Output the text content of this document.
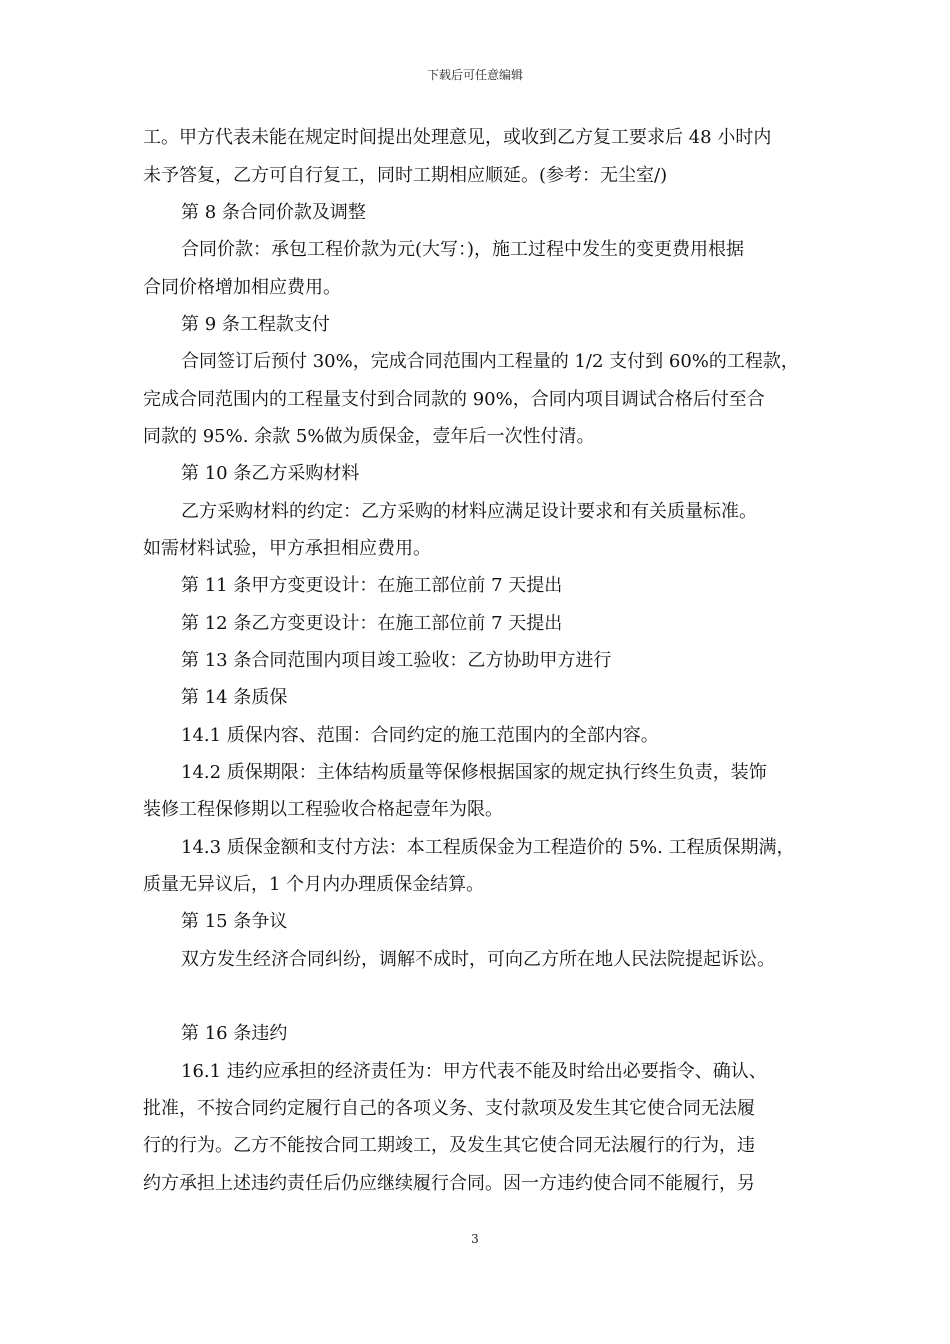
下载后可任意编辑
工。甲方代表未能在规定时间提出处理意见，或收到乙方复工要求后 48 小时内
未予答复，乙方可自行复工，同时工期相应顺延。(参考：无尘室/)
第 8 条合同价款及调整
合同价款：承包工程价款为元(大写：)，施工过程中发生的变更费用根据
合同价格增加相应费用。
第 9 条工程款支付
合同签订后预付 30%，完成合同范围内工程量的 1/2 支付到 60%的工程款，
完成合同范围内的工程量支付到合同款的 90%，合同内项目调试合格后付至合
同款的 95%. 余款 5%做为质保金，壹年后一次性付清。
第 10 条乙方采购材料
乙方采购材料的约定：乙方采购的材料应满足设计要求和有关质量标准。
如需材料试验，甲方承担相应费用。
第 11 条甲方变更设计：在施工部位前 7 天提出
第 12 条乙方变更设计：在施工部位前 7 天提出
第 13 条合同范围内项目竣工验收：乙方协助甲方进行
第 14 条质保
14.1 质保内容、范围：合同约定的施工范围内的全部内容。
14.2 质保期限：主体结构质量等保修根据国家的规定执行终生负责，装饰
装修工程保修期以工程验收合格起壹年为限。
14.3 质保金额和支付方法：本工程质保金为工程造价的 5%. 工程质保期满，
质量无异议后，1 个月内办理质保金结算。
第 15 条争议
双方发生经济合同纠纷，调解不成时，可向乙方所在地人民法院提起诉讼。
第 16 条违约
16.1 违约应承担的经济责任为：甲方代表不能及时给出必要指令、确认、
批准，不按合同约定履行自己的各项义务、支付款项及发生其它使合同无法履
行的行为。乙方不能按合同工期竣工，及发生其它使合同无法履行的行为，违
约方承担上述违约责任后仍应继续履行合同。因一方违约使合同不能履行，另
3
